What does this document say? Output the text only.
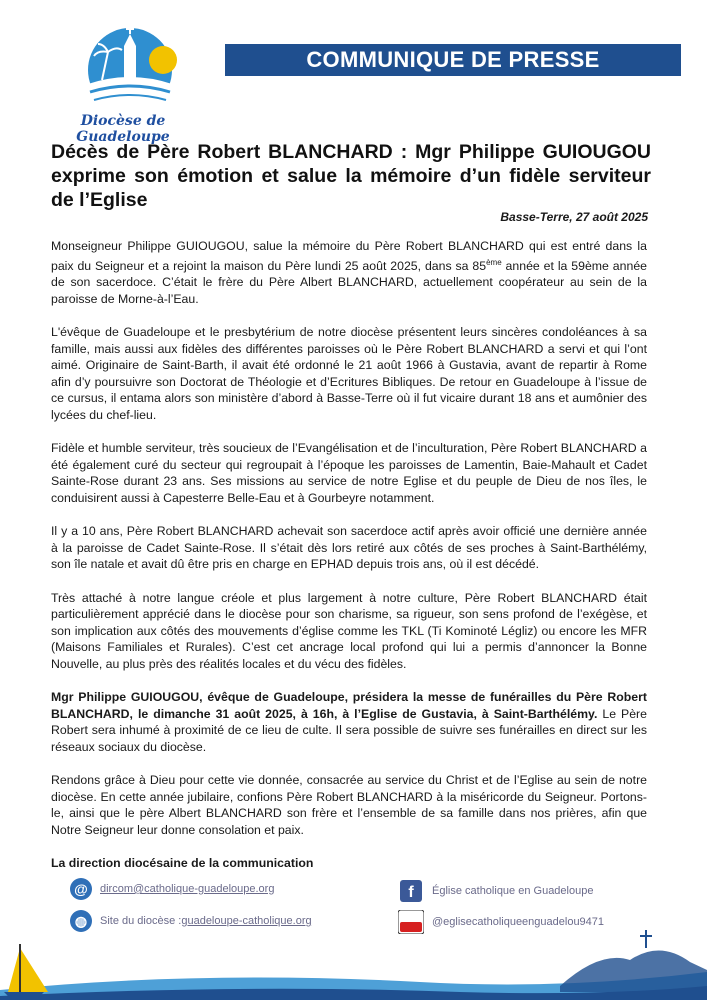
Diocèse de Guadeloupe
COMMUNIQUE DE PRESSE
Décès de Père Robert BLANCHARD : Mgr Philippe GUIOUGOU exprime son émotion et salue la mémoire d’un fidèle serviteur de l’Eglise
Basse-Terre, 27 août 2025

Monseigneur Philippe GUIOUGOU, salue la mémoire du Père Robert BLANCHARD qui est entré dans la paix du Seigneur et a rejoint la maison du Père lundi 25 août 2025, dans sa 85ème année et la 59ème année de son sacerdoce. C’était le frère du Père Albert BLANCHARD, actuellement coopérateur au sein de la paroisse de Morne-à-l’Eau.

L'évêque de Guadeloupe et le presbytérium de notre diocèse présentent leurs sincères condoléances à sa famille, mais aussi aux fidèles des différentes paroisses où le Père Robert BLANCHARD a servi et qui l’ont aimé. Originaire de Saint-Barth, il avait été ordonné le 21 août 1966 à Gustavia, avant de repartir à Rome afin d’y poursuivre son Doctorat de Théologie et d’Ecritures Bibliques. De retour en Guadeloupe à l’issue de ce cursus, il entama alors son ministère d’abord à Basse-Terre où il fut vicaire durant 18 ans et aumônier des lycées du chef-lieu.

Fidèle et humble serviteur, très soucieux de l’Evangélisation et de l’inculturation, Père Robert BLANCHARD a été également curé du secteur qui regroupait à l’époque les paroisses de Lamentin, Baie-Mahault et Cadet Sainte-Rose durant 23 ans. Ses missions au service de notre Eglise et du peuple de Dieu de nos îles, le conduisirent aussi à Capesterre Belle-Eau et à Gourbeyre notamment.

Il y a 10 ans, Père Robert BLANCHARD achevait son sacerdoce actif après avoir officié une dernière année à la paroisse de Cadet Sainte-Rose. Il s’était dès lors retiré aux côtés de ses proches à Saint-Barthélémy, son île natale et avait dû être pris en charge en EPHAD depuis trois ans, où il est décédé.

Très attaché à notre langue créole et plus largement à notre culture, Père Robert BLANCHARD était particulièrement apprécié dans le diocèse pour son charisme, sa rigueur, son sens profond de l’exégèse, et son implication aux côtés des mouvements d’église comme les TKL (Ti Kominoté Légliz) ou encore les MFR (Maisons Familiales et Rurales). C’est cet ancrage local profond qui lui a permis d’annoncer la Bonne Nouvelle, au plus près des réalités locales et du vécu des fidèles.

Mgr Philippe GUIOUGOU, évêque de Guadeloupe, présidera la messe de funérailles du Père Robert BLANCHARD, le dimanche 31 août 2025, à 16h, à l’Eglise de Gustavia, à Saint-Barthélémy. Le Père Robert sera inhumé à proximité de ce lieu de culte. Il sera possible de suivre ses funérailles en direct sur les réseaux sociaux du diocèse.

Rendons grâce à Dieu pour cette vie donnée, consacrée au service du Christ et de l’Eglise au sein de notre diocèse. En cette année jubilaire, confions Père Robert BLANCHARD à la miséricorde du Seigneur. Portons-le, ainsi que le père Albert BLANCHARD son frère et l’ensemble de sa famille dans nos prières, afin que Notre Seigneur leur donne consolation et paix.

La direction diocésaine de la communication

@	dircom@catholique-guadeloupe.org
◍	Site du diocèse : guadeloupe-catholique.org
f	Église catholique en Guadeloupe
@eglisecatholiqueenguadelou9471
